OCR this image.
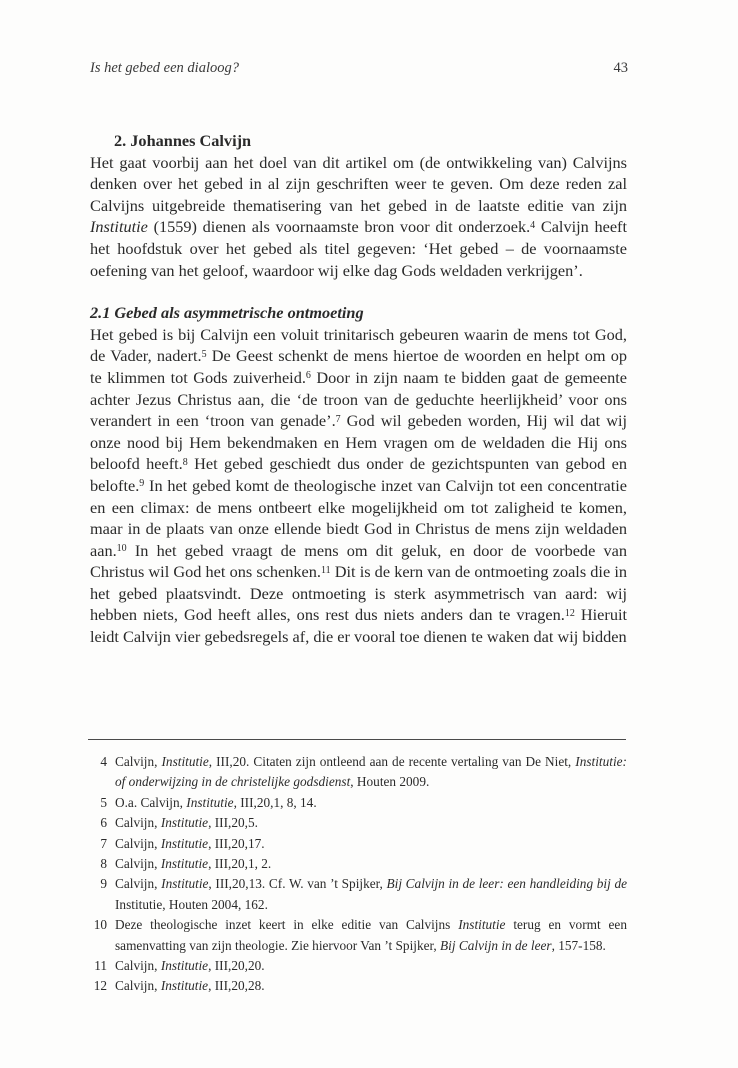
Is het gebed een dialoog?	43
2. Johannes Calvijn

Het gaat voorbij aan het doel van dit artikel om (de ontwikkeling van) Calvijns denken over het gebed in al zijn geschriften weer te geven. Om deze reden zal Calvijns uitgebreide thematisering van het gebed in de laatste editie van zijn Institutie (1559) dienen als voornaamste bron voor dit onderzoek.$^4$ Calvijn heeft het hoofdstuk over het gebed als titel gegeven: ‘Het gebed – de voornaamste oefening van het geloof, waardoor wij elke dag Gods weldaden verkrijgen’.

2.1 Gebed als asymmetrische ontmoeting

Het gebed is bij Calvijn een voluit trinitarisch gebeuren waarin de mens tot God, de Vader, nadert.$^5$ De Geest schenkt de mens hiertoe de woorden en helpt om op te klimmen tot Gods zuiverheid.$^6$ Door in zijn naam te bidden gaat de gemeente achter Jezus Christus aan, die ‘de troon van de geduchte heerlijkheid’ voor ons verandert in een ‘troon van genade’.$^7$ God wil gebeden worden, Hij wil dat wij onze nood bij Hem bekendmaken en Hem vragen om de weldaden die Hij ons beloofd heeft.$^8$ Het gebed geschiedt dus onder de gezichtspunten van gebod en belofte.$^9$ In het gebed komt de theologische inzet van Calvijn tot een concentratie en een climax: de mens ontbeert elke mogelijkheid om tot zaligheid te komen, maar in de plaats van onze ellende biedt God in Christus de mens zijn weldaden aan.$^{10}$ In het gebed vraagt de mens om dit geluk, en door de voorbede van Christus wil God het ons schenken.$^{11}$ Dit is de kern van de ontmoeting zoals die in het gebed plaatsvindt. Deze ontmoeting is sterk asymmetrisch van aard: wij hebben niets, God heeft alles, ons rest dus niets anders dan te vragen.$^{12}$ Hieruit leidt Calvijn vier gebedsregels af, die er vooral toe dienen te waken dat wij bidden

4 Calvijn, Institutie, III,20. Citaten zijn ontleend aan de recente vertaling van De Niet, Institutie: of onderwijzing in de christelijke godsdienst, Houten 2009.
5 O.a. Calvijn, Institutie, III,20,1, 8, 14.
6 Calvijn, Institutie, III,20,5.
7 Calvijn, Institutie, III,20,17.
8 Calvijn, Institutie, III,20,1, 2.
9 Calvijn, Institutie, III,20,13. Cf. W. van ’t Spijker, Bij Calvijn in de leer: een handleiding bij de Institutie, Houten 2004, 162.
10 Deze theologische inzet keert in elke editie van Calvijns Institutie terug en vormt een samenvatting van zijn theologie. Zie hiervoor Van ’t Spijker, Bij Calvijn in de leer, 157-158.
11 Calvijn, Institutie, III,20,20.
12 Calvijn, Institutie, III,20,28.
